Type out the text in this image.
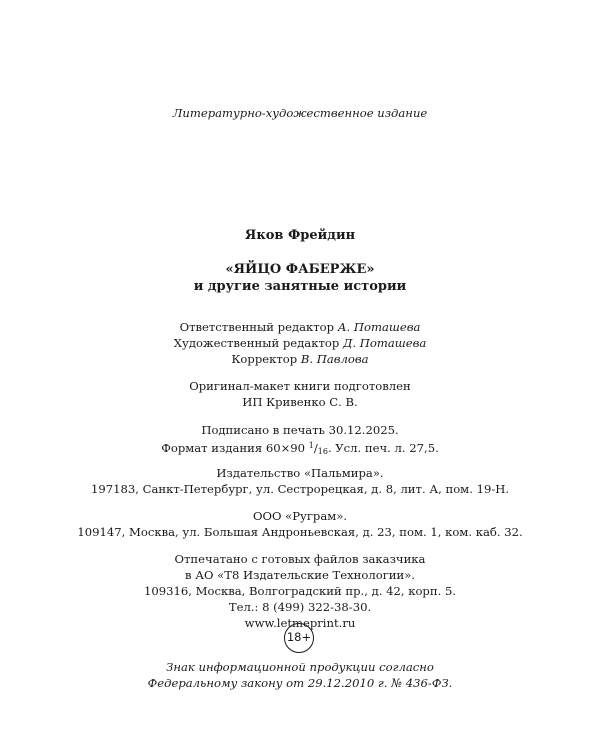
Литературно-художественное издание
Яков Фрейдин
«ЯЙЦО ФАБЕРЖЕ»
и другие занятные истории
Ответственный редактор А. Поташева
Художественный редактор Д. Поташева
Корректор В. Павлова
Оригинал-макет книги подготовлен
ИП Кривенко С. В.
Подписано в печать 30.12.2025.
Формат издания 60×90 $^1/_{16}$. Усл. печ. л. 27,5.
Издательство «Пальмира».
197183, Санкт-Петербург, ул. Сестрорецкая, д. 8, лит. А, пом. 19-Н.
ООО «Руграм».
109147, Москва, ул. Большая Андроньевская, д. 23, пом. 1, ком. каб. 32.
Отпечатано с готовых файлов заказчика
в АО «Т8 Издательские Технологии».
109316, Москва, Волгоградский пр., д. 42, корп. 5.
Тел.: 8 (499) 322-38-30.
www.letmeprint.ru
18+
Знак информационной продукции согласно
Федеральному закону от 29.12.2010 г. № 436-ФЗ.
